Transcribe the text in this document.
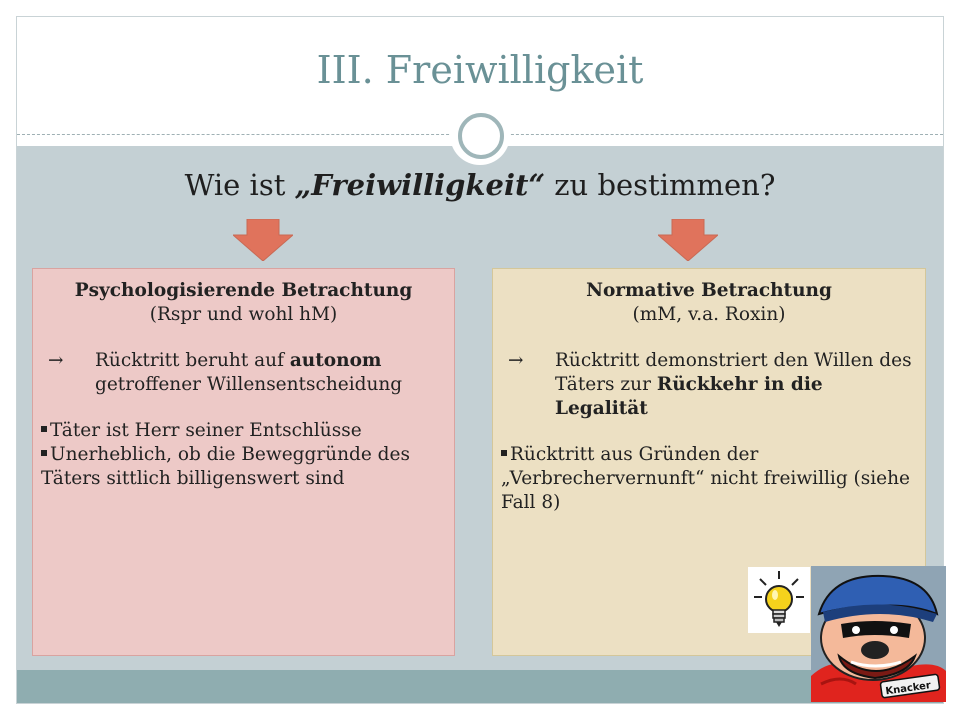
III. Freiwilligkeit
Wie ist „Freiwilligkeit“ zu bestimmen?
Psychologisierende Betrachtung
(Rspr und wohl hM)
→	Rücktritt beruht auf autonom
getroffener Willensentscheidung
Täter ist Herr seiner Entschlüsse
Unerheblich, ob die Beweggründe des Täters sittlich billigenswert sind
Normative Betrachtung
(mM, v.a. Roxin)
→	Rücktritt demonstriert den Willen des Täters zur Rückkehr in die Legalität
Rücktritt aus Gründen der „Verbrechervernunft“ nicht freiwillig (siehe Fall 8)
Knacker
